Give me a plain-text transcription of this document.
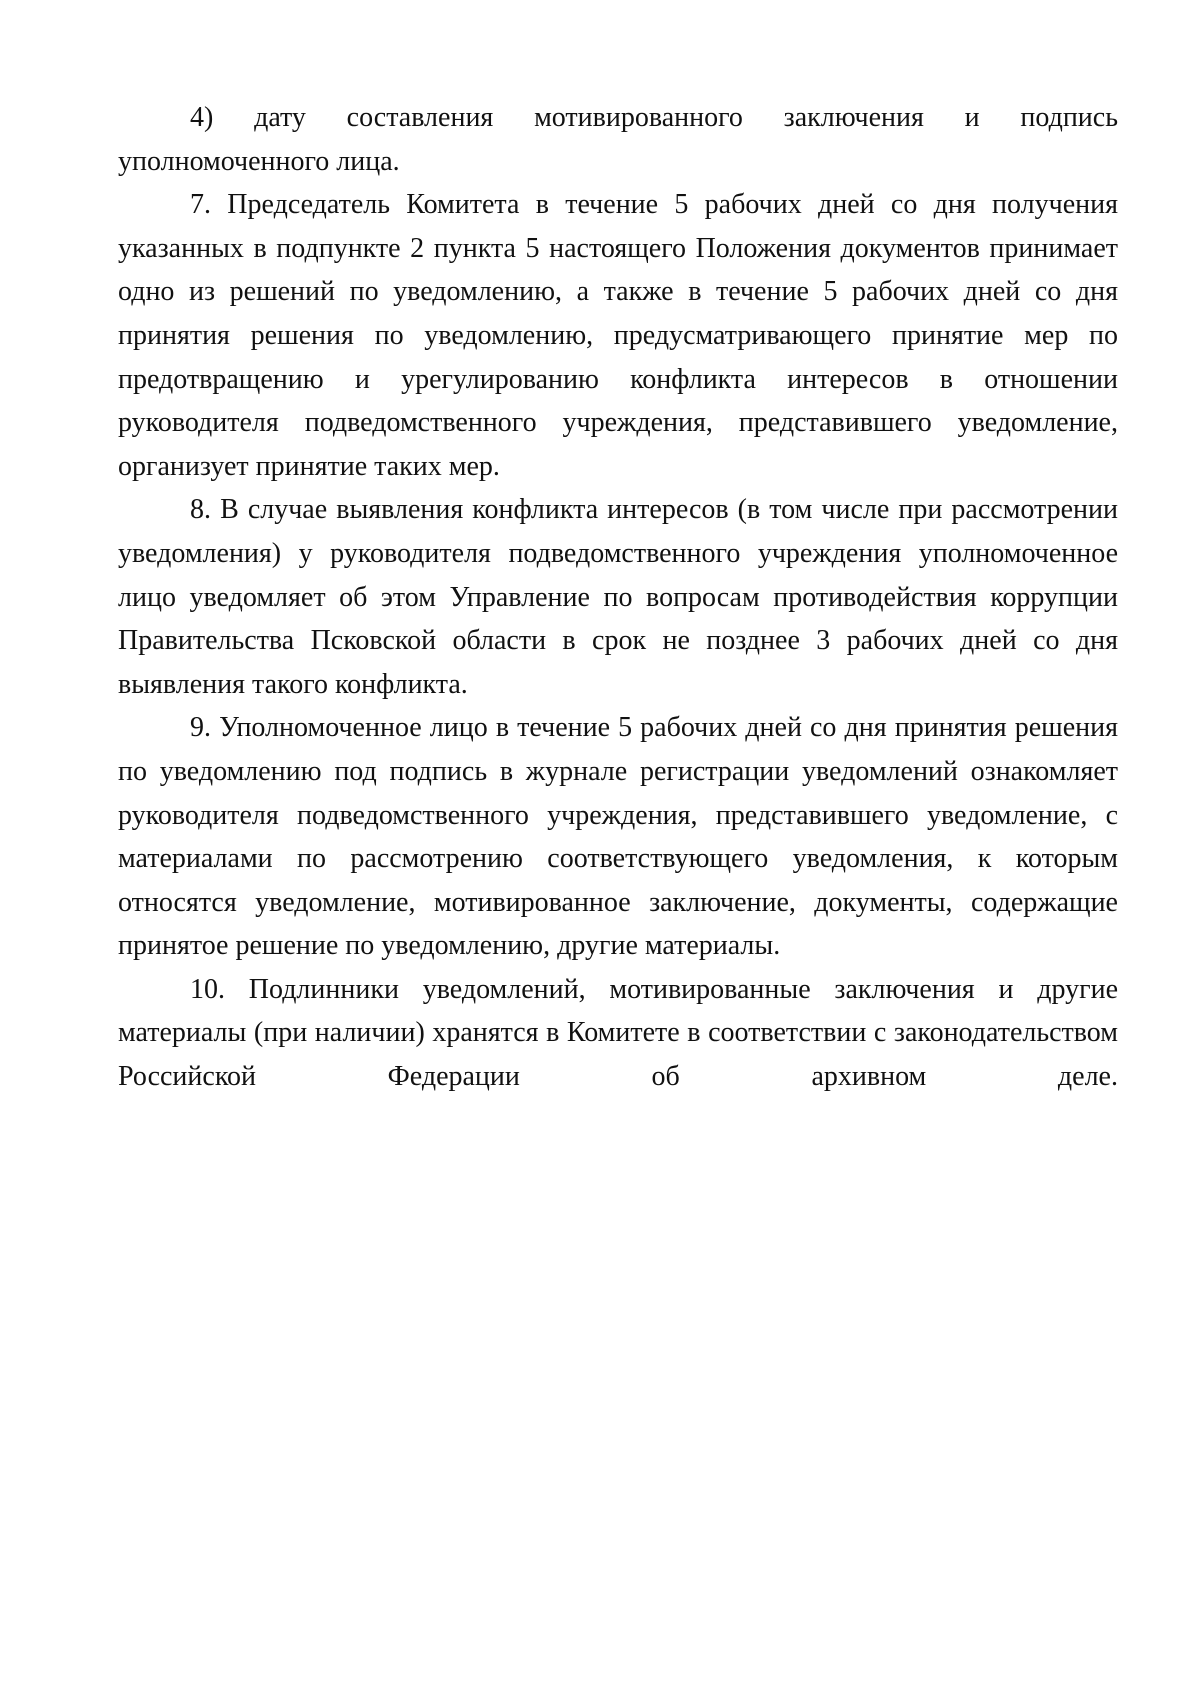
4) дату составления мотивированного заключения и подпись уполномоченного лица.

7. Председатель Комитета в течение 5 рабочих дней со дня получения указанных в подпункте 2 пункта 5 настоящего Положения документов принимает одно из решений по уведомлению, а также в течение 5 рабочих дней со дня принятия решения по уведомлению, предусматривающего принятие мер по предотвращению и урегулированию конфликта интересов в отношении руководителя подведомственного учреждения, представившего уведомление, организует принятие таких мер.

8. В случае выявления конфликта интересов (в том числе при рассмотрении уведомления) у руководителя подведомственного учреждения уполномоченное лицо уведомляет об этом Управление по вопросам противодействия коррупции Правительства Псковской области в срок не позднее 3 рабочих дней со дня выявления такого конфликта.

9. Уполномоченное лицо в течение 5 рабочих дней со дня принятия решения по уведомлению под подпись в журнале регистрации уведомлений ознакомляет руководителя подведомственного учреждения, представившего уведомление, с материалами по рассмотрению соответствующего уведомления, к которым относятся уведомление, мотивированное заключение, документы, содержащие принятое решение по уведомлению, другие материалы.

10. Подлинники уведомлений, мотивированные заключения и другие материалы (при наличии) хранятся в Комитете в соответствии с законодательством Российской Федерации об архивном деле.
